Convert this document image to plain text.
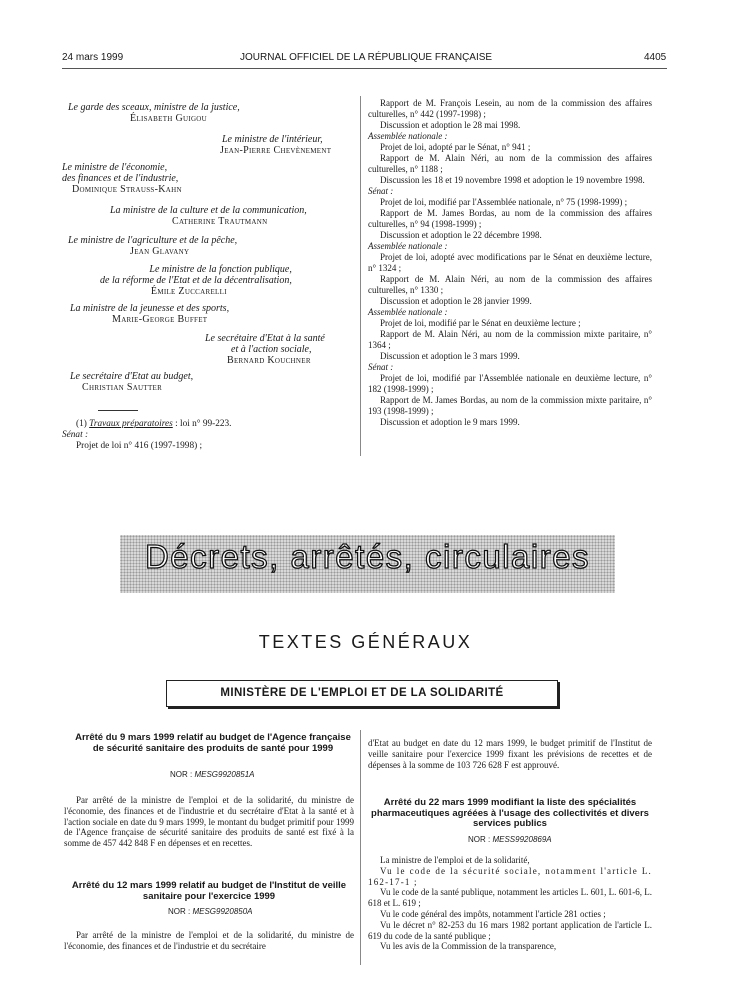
24 mars 1999	JOURNAL OFFICIEL DE LA RÉPUBLIQUE FRANÇAISE	4405
Le garde des sceaux, ministre de la justice,
Élisabeth Guigou
Le ministre de l'intérieur,
Jean-Pierre Chevènement
Le ministre de l'économie,
des finances et de l'industrie,
Dominique Strauss-Kahn
La ministre de la culture et de la communication,
Catherine Trautmann
Le ministre de l'agriculture et de la pêche,
Jean Glavany
Le ministre de la fonction publique,
de la réforme de l'Etat et de la décentralisation,
Émile Zuccarelli
La ministre de la jeunesse et des sports,
Marie-George Buffet
Le secrétaire d'Etat à la santé
et à l'action sociale,
Bernard Kouchner
Le secrétaire d'Etat au budget,
Christian Sautter
(1) Travaux préparatoires : loi n° 99-223.
Sénat :
Projet de loi n° 416 (1997-1998) ;

Rapport de M. François Lesein, au nom de la commission des affaires culturelles, n° 442 (1997-1998) ;

Discussion et adoption le 28 mai 1998.

Assemblée nationale :

Projet de loi, adopté par le Sénat, n° 941 ;

Rapport de M. Alain Néri, au nom de la commission des affaires culturelles, n° 1188 ;

Discussion les 18 et 19 novembre 1998 et adoption le 19 novembre 1998.

Sénat :

Projet de loi, modifié par l'Assemblée nationale, n° 75 (1998-1999) ;

Rapport de M. James Bordas, au nom de la commission des affaires culturelles, n° 94 (1998-1999) ;

Discussion et adoption le 22 décembre 1998.

Assemblée nationale :

Projet de loi, adopté avec modifications par le Sénat en deuxième lecture, n° 1324 ;

Rapport de M. Alain Néri, au nom de la commission des affaires culturelles, n° 1330 ;

Discussion et adoption le 28 janvier 1999.

Assemblée nationale :

Projet de loi, modifié par le Sénat en deuxième lecture ;

Rapport de M. Alain Néri, au nom de la commission mixte paritaire, n° 1364 ;

Discussion et adoption le 3 mars 1999.

Sénat :

Projet de loi, modifié par l'Assemblée nationale en deuxième lecture, n° 182 (1998-1999) ;

Rapport de M. James Bordas, au nom de la commission mixte paritaire, n° 193 (1998-1999) ;

Discussion et adoption le 9 mars 1999.

Décrets, arrêtés, circulaires
TEXTES GÉNÉRAUX
MINISTÈRE DE L'EMPLOI ET DE LA SOLIDARITÉ
Arrêté du 9 mars 1999 relatif au budget de l'Agence française de sécurité sanitaire des produits de santé pour 1999
NOR : MESG9920851A

Par arrêté de la ministre de l'emploi et de la solidarité, du ministre de l'économie, des finances et de l'industrie et du secrétaire d'Etat à la santé et à l'action sociale en date du 9 mars 1999, le montant du budget primitif pour 1999 de l'Agence française de sécurité sanitaire des produits de santé est fixé à la somme de 457 442 848 F en dépenses et en recettes.

Arrêté du 12 mars 1999 relatif au budget de l'Institut de veille sanitaire pour l'exercice 1999
NOR : MESG9920850A

Par arrêté de la ministre de l'emploi et de la solidarité, du ministre de l'économie, des finances et de l'industrie et du secrétaire

d'Etat au budget en date du 12 mars 1999, le budget primitif de l'Institut de veille sanitaire pour l'exercice 1999 fixant les prévisions de recettes et de dépenses à la somme de 103 726 628 F est approuvé.

Arrêté du 22 mars 1999 modifiant la liste des spécialités pharmaceutiques agréées à l'usage des collectivités et divers services publics
NOR : MESS9920869A

La ministre de l'emploi et de la solidarité,

Vu le code de la sécurité sociale, notamment l'article L. 162-17-1 ;

Vu le code de la santé publique, notamment les articles L. 601, L. 601-6, L. 618 et L. 619 ;

Vu le code général des impôts, notamment l'article 281 octies ;

Vu le décret n° 82-253 du 16 mars 1982 portant application de l'article L. 619 du code de la santé publique ;

Vu les avis de la Commission de la transparence,
